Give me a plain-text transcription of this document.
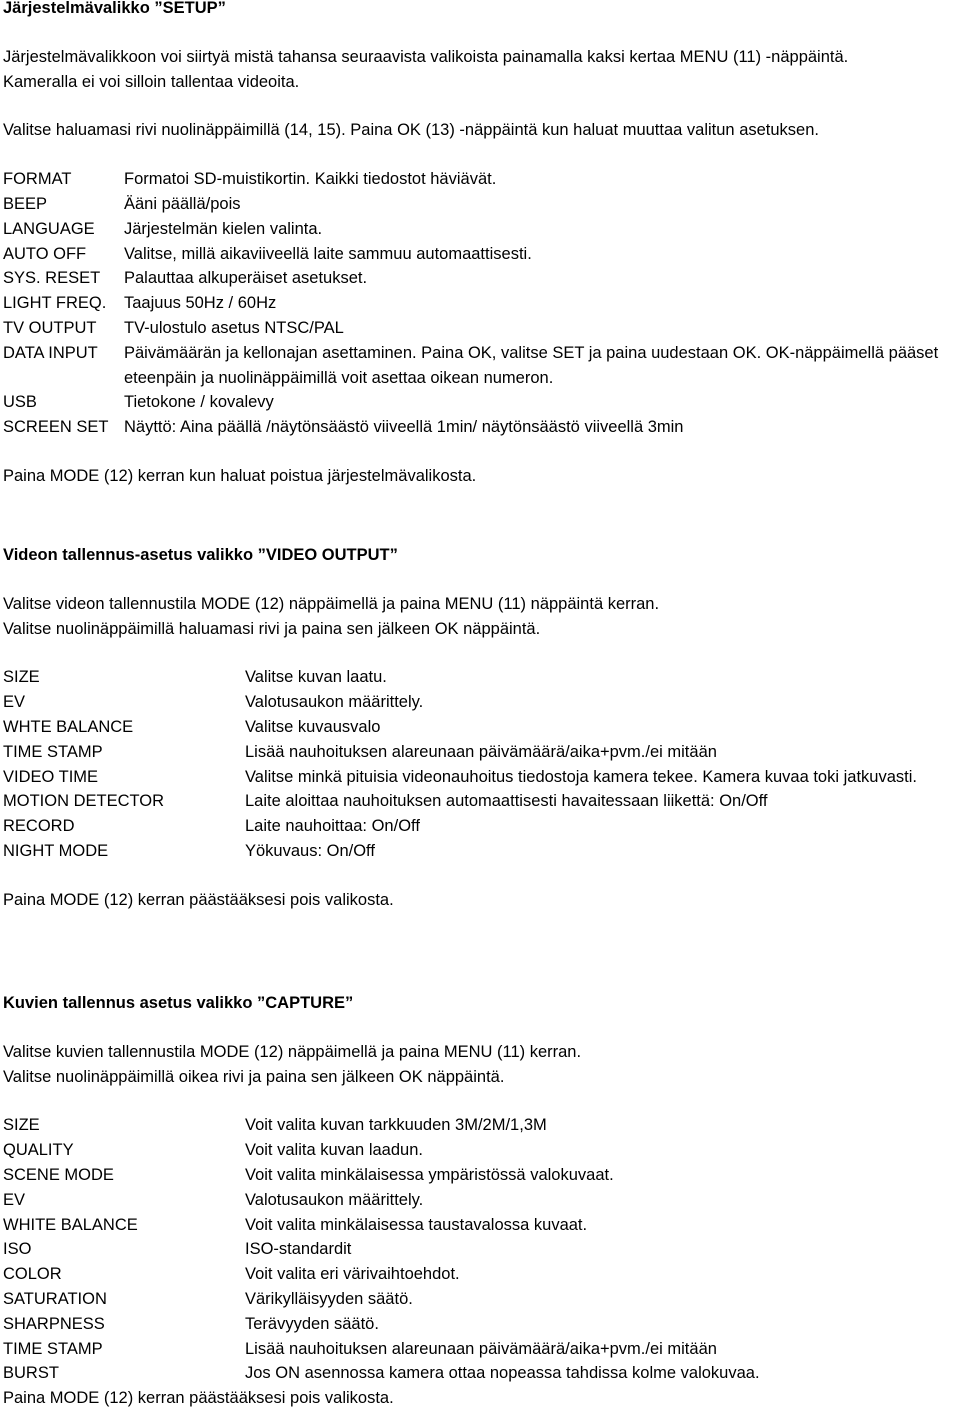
Järjestelmävalikko ”SETUP”
Järjestelmävalikkoon voi siirtyä mistä tahansa seuraavista valikoista painamalla kaksi kertaa MENU (11) -näppäintä.
Kameralla ei voi silloin tallentaa videoita.
Valitse haluamasi rivi nuolinäppäimillä (14, 15). Paina OK (13) -näppäintä kun haluat muuttaa valitun asetuksen.
FORMAT	Formatoi SD-muistikortin. Kaikki tiedostot häviävät.
BEEP	Ääni päällä/pois
LANGUAGE	Järjestelmän kielen valinta.
AUTO OFF	Valitse, millä aikaviiveellä laite sammuu automaattisesti.
SYS. RESET	Palauttaa alkuperäiset asetukset.
LIGHT FREQ.	Taajuus 50Hz / 60Hz
TV OUTPUT	TV-ulostulo asetus NTSC/PAL
DATA INPUT	Päivämäärän ja kellonajan asettaminen. Paina OK, valitse SET ja paina uudestaan OK. OK-näppäimellä pääset eteenpäin ja nuolinäppäimillä voit asettaa oikean numeron.
USB	Tietokone / kovalevy
SCREEN SET	Näyttö: Aina päällä /näytönsäästö viiveellä 1min/ näytönsäästö viiveellä 3min
Paina MODE (12) kerran kun haluat poistua järjestelmävalikosta.
Videon tallennus-asetus valikko ”VIDEO OUTPUT”
Valitse videon tallennustila MODE (12) näppäimellä ja paina MENU (11) näppäintä kerran.
Valitse nuolinäppäimillä haluamasi rivi ja paina sen jälkeen OK näppäintä.
SIZE	Valitse kuvan laatu.
EV	Valotusaukon määrittely.
WHTE BALANCE	Valitse kuvausvalo
TIME STAMP	Lisää nauhoituksen alareunaan päivämäärä/aika+pvm./ei mitään
VIDEO TIME	Valitse minkä pituisia videonauhoitus tiedostoja kamera tekee. Kamera kuvaa toki jatkuvasti.
MOTION DETECTOR	Laite aloittaa nauhoituksen automaattisesti havaitessaan liikettä: On/Off
RECORD	Laite nauhoittaa: On/Off
NIGHT MODE	Yökuvaus: On/Off
Paina MODE (12) kerran päästääksesi pois valikosta.
Kuvien tallennus asetus valikko ”CAPTURE”
Valitse kuvien tallennustila MODE (12) näppäimellä ja paina MENU (11) kerran.
Valitse nuolinäppäimillä oikea rivi ja paina sen jälkeen OK näppäintä.
SIZE	Voit valita kuvan tarkkuuden 3M/2M/1,3M
QUALITY	Voit valita kuvan laadun.
SCENE MODE	Voit valita minkälaisessa ympäristössä valokuvaat.
EV	Valotusaukon määrittely.
WHITE BALANCE	Voit valita minkälaisessa taustavalossa kuvaat.
ISO	ISO-standardit
COLOR	Voit valita eri värivaihtoehdot.
SATURATION	Värikylläisyyden säätö.
SHARPNESS	Terävyyden säätö.
TIME STAMP	Lisää nauhoituksen alareunaan päivämäärä/aika+pvm./ei mitään
BURST	Jos ON asennossa kamera ottaa nopeassa tahdissa kolme valokuvaa.
Paina MODE (12) kerran päästääksesi pois valikosta.
